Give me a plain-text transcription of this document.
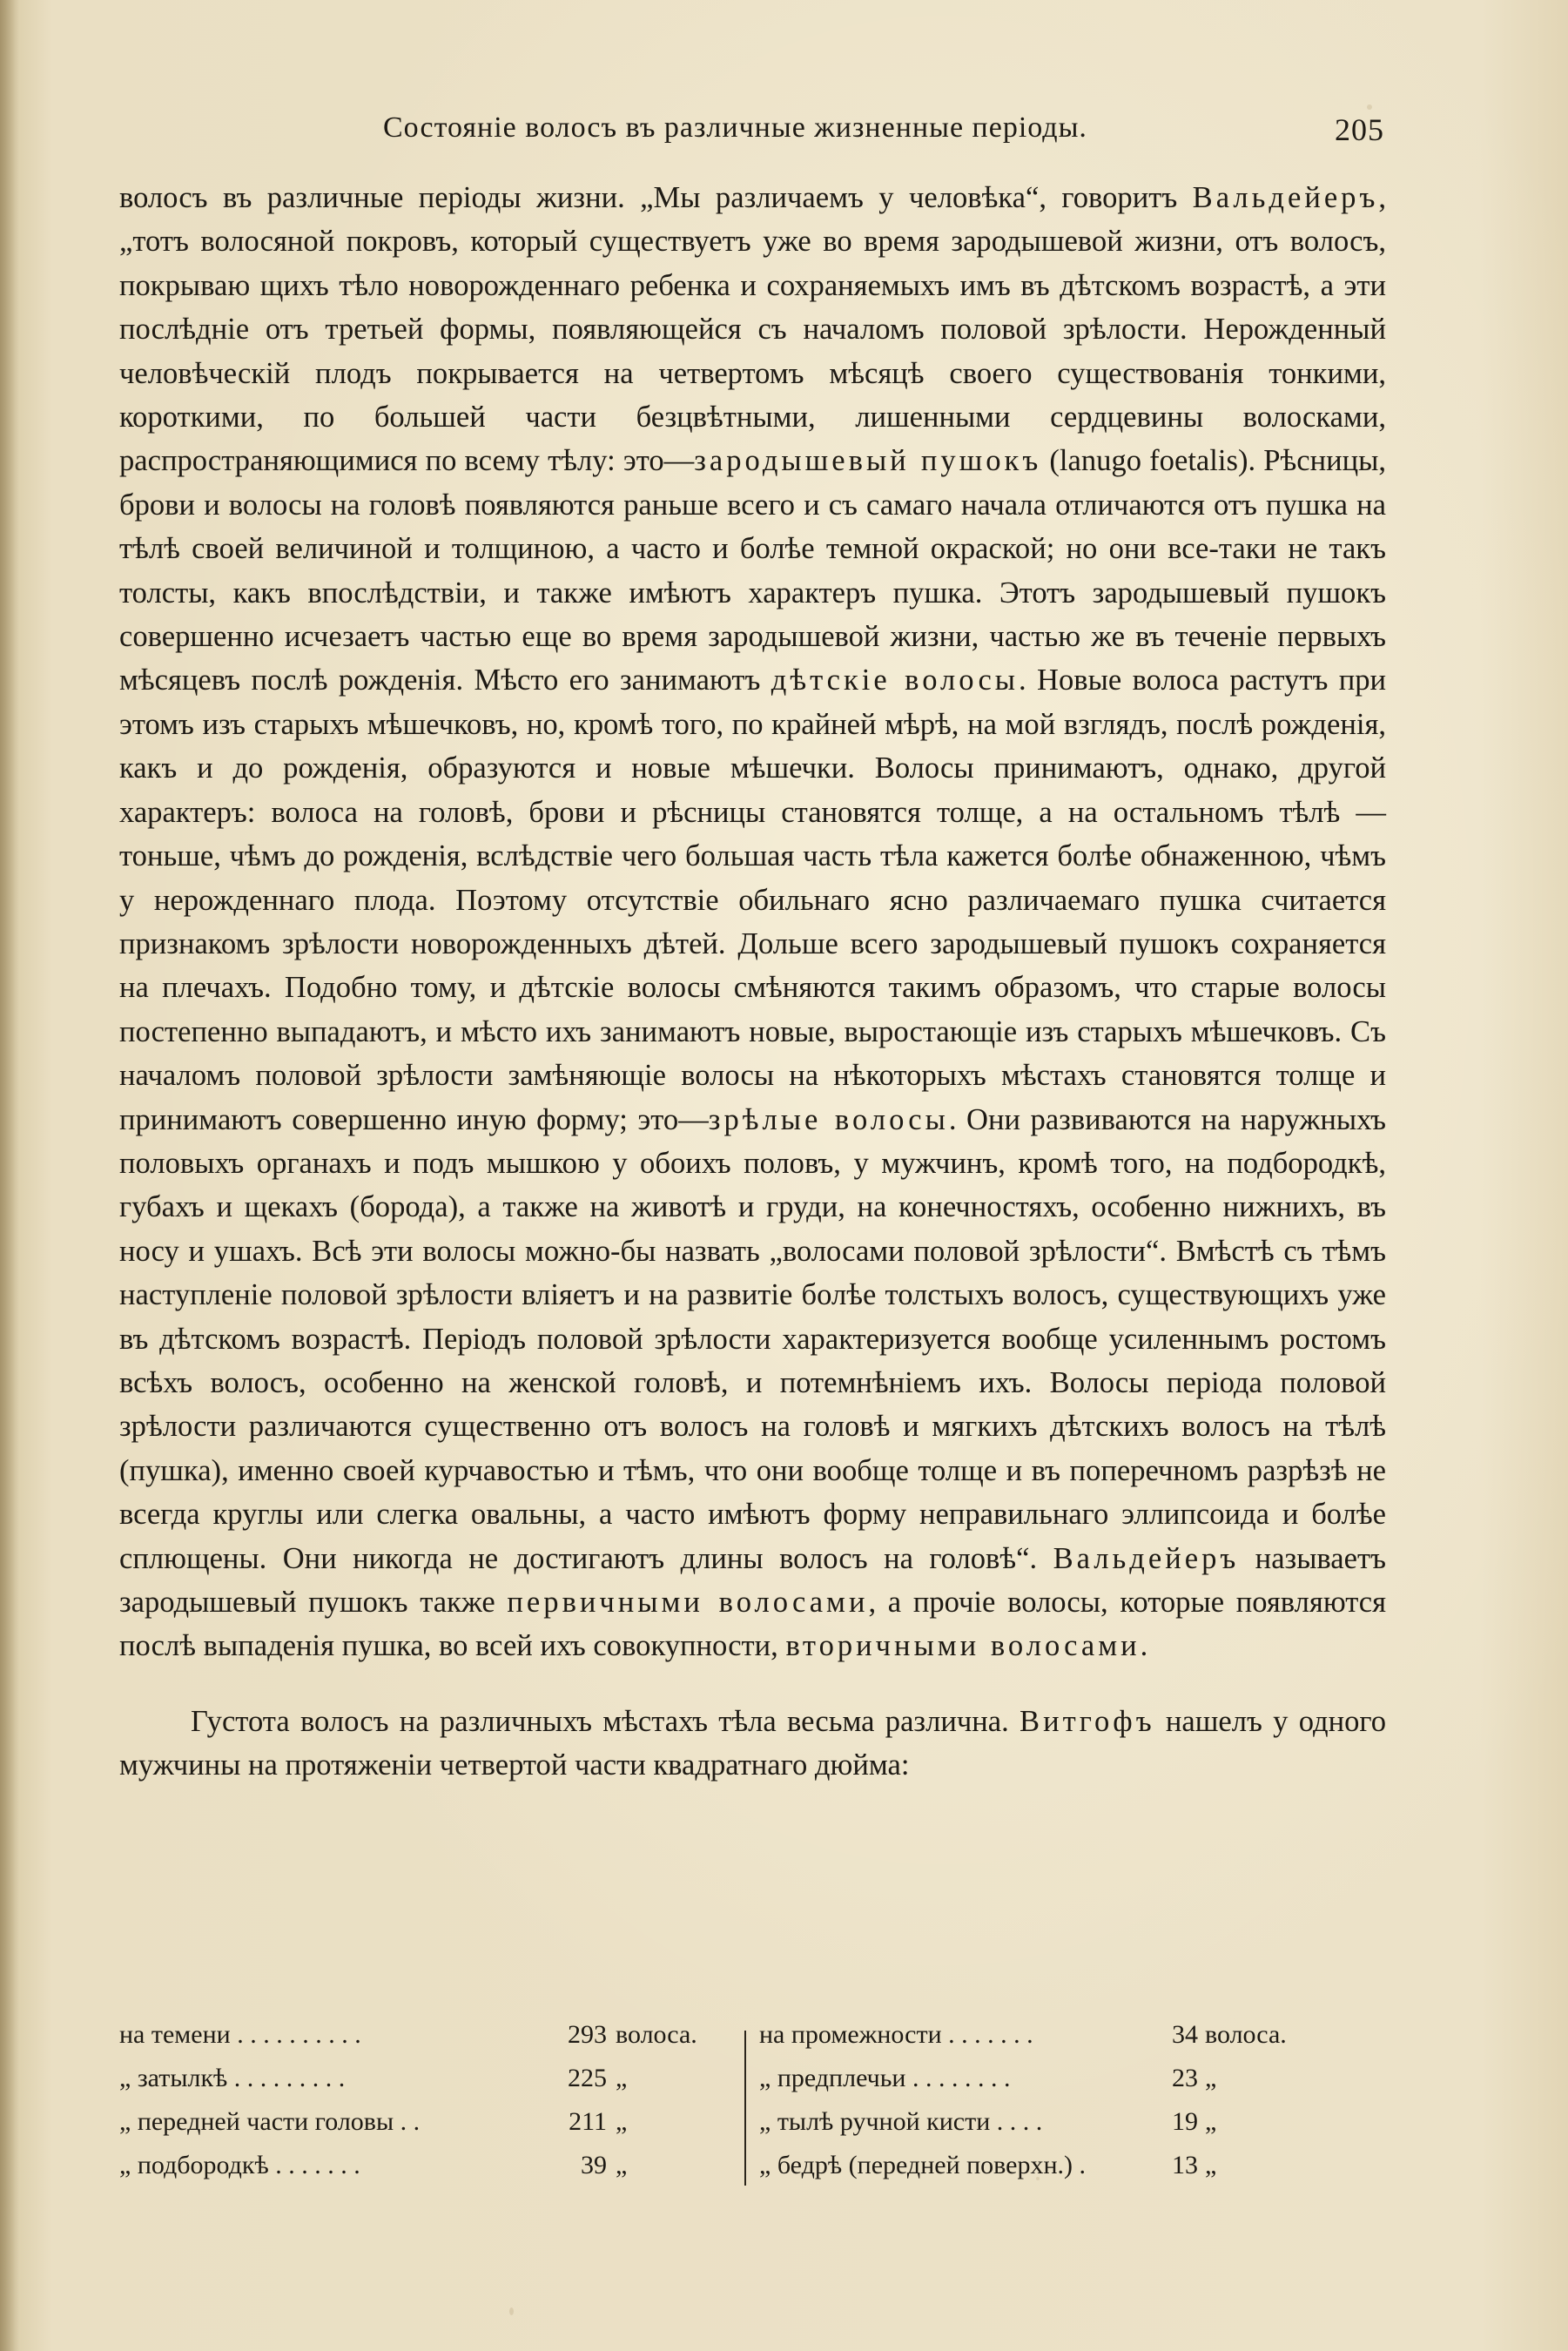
Состоянiе волосъ въ различные жизненные перiоды.	205

волосъ въ различные перiоды жизни. „Мы различаемъ у человѣка“, говоритъ Вальдейеръ, „тотъ волосяной покровъ, который существуетъ уже во время зародышевой жизни, отъ волосъ, покрываю щихъ тѣло новорожденнаго ребенка и сохраняемыхъ имъ въ дѣтскомъ возрастѣ, а эти послѣднiе отъ третьей формы, появляющейся съ началомъ половой зрѣлости. Нерожденный человѣческiй плодъ покрывается на четвертомъ мѣсяцѣ своего существованiя тонкими, короткими, по большей части безцвѣтными, лишенными сердцевины волосками, распространяющимися по всему тѣлу: это—зародышевый пушокъ (lanugo foetalis). Рѣсницы, брови и волосы на головѣ появляются раньше всего и съ самаго начала отличаются отъ пушка на тѣлѣ своей величиной и толщиною, а часто и болѣе темной окраской; но они все-таки не такъ толсты, какъ впослѣдствiи, и также имѣютъ характеръ пушка. Этотъ зародышевый пушокъ совершенно исчезаетъ частью еще во время зародышевой жизни, частью же въ теченiе первыхъ мѣсяцевъ послѣ рожденiя. Мѣсто его занимаютъ дѣтскiе волосы. Новые волоса растутъ при этомъ изъ старыхъ мѣшечковъ, но, кромѣ того, по крайней мѣрѣ, на мой взглядъ, послѣ рожденiя, какъ и до рожденiя, образуются и новые мѣшечки. Волосы принимаютъ, однако, другой характеръ: волоса на головѣ, брови и рѣсницы становятся толще, а на остальномъ тѣлѣ — тоньше, чѣмъ до рожденiя, вслѣдствiе чего большая часть тѣла кажется болѣе обнаженною, чѣмъ у нерожденнаго плода. Поэтому отсутствiе обильнаго ясно различаемаго пушка считается признакомъ зрѣлости новорожденныхъ дѣтей. Дольше всего зародышевый пушокъ сохраняется на плечахъ. Подобно тому, и дѣтскiе волосы смѣняются такимъ образомъ, что старые волосы постепенно выпадаютъ, и мѣсто ихъ занимаютъ новые, выростающiе изъ старыхъ мѣшечковъ. Съ началомъ половой зрѣлости замѣняющiе волосы на нѣкоторыхъ мѣстахъ становятся толще и принимаютъ совершенно иную форму; это—зрѣлые волосы. Они развиваются на наружныхъ половыхъ органахъ и подъ мышкою у обоихъ половъ, у мужчинъ, кромѣ того, на подбородкѣ, губахъ и щекахъ (борода), а также на животѣ и груди, на конечностяхъ, особенно нижнихъ, въ носу и ушахъ. Всѣ эти волосы можно-бы назвать „волосами половой зрѣлости“. Вмѣстѣ съ тѣмъ наступленiе половой зрѣлости влiяетъ и на развитiе болѣе толстыхъ волосъ, существующихъ уже въ дѣтскомъ возрастѣ. Перiодъ половой зрѣлости характеризуется вообще усиленнымъ ростомъ всѣхъ волосъ, особенно на женской головѣ, и потемнѣнiемъ ихъ. Волосы перiода половой зрѣлости различаются существенно отъ волосъ на головѣ и мягкихъ дѣтскихъ волосъ на тѣлѣ (пушка), именно своей курчавостью и тѣмъ, что они вообще толще и въ поперечномъ разрѣзѣ не всегда круглы или слегка овальны, а часто имѣютъ форму неправильнаго эллипсоида и болѣе сплющены. Они никогда не достигаютъ длины волосъ на головѣ“. Вальдейеръ называетъ зародышевый пушокъ также первичными волосами, а прочiе волосы, которые появляются послѣ выпаденiя пушка, во всей ихъ совокупности, вторичными волосами.

Густота волосъ на различныхъ мѣстахъ тѣла весьма различна. Витгофъ нашелъ у одного мужчины на протяженiи четвертой части квадратнаго дюйма:

на темени . . . . . . . . . .	293 волоса.
„ затылкѣ . . . . . . . . .	225 „
„ передней части головы . .	211 „
„ подбородкѣ . . . . . . .	39 „
на промежности . . . . . . .	34 волоса.
„ предплечьи . . . . . . . .	23 „
„ тылѣ ручной кисти . . . .	19 „
„ бедрѣ (передней поверхн.) .	13 „
